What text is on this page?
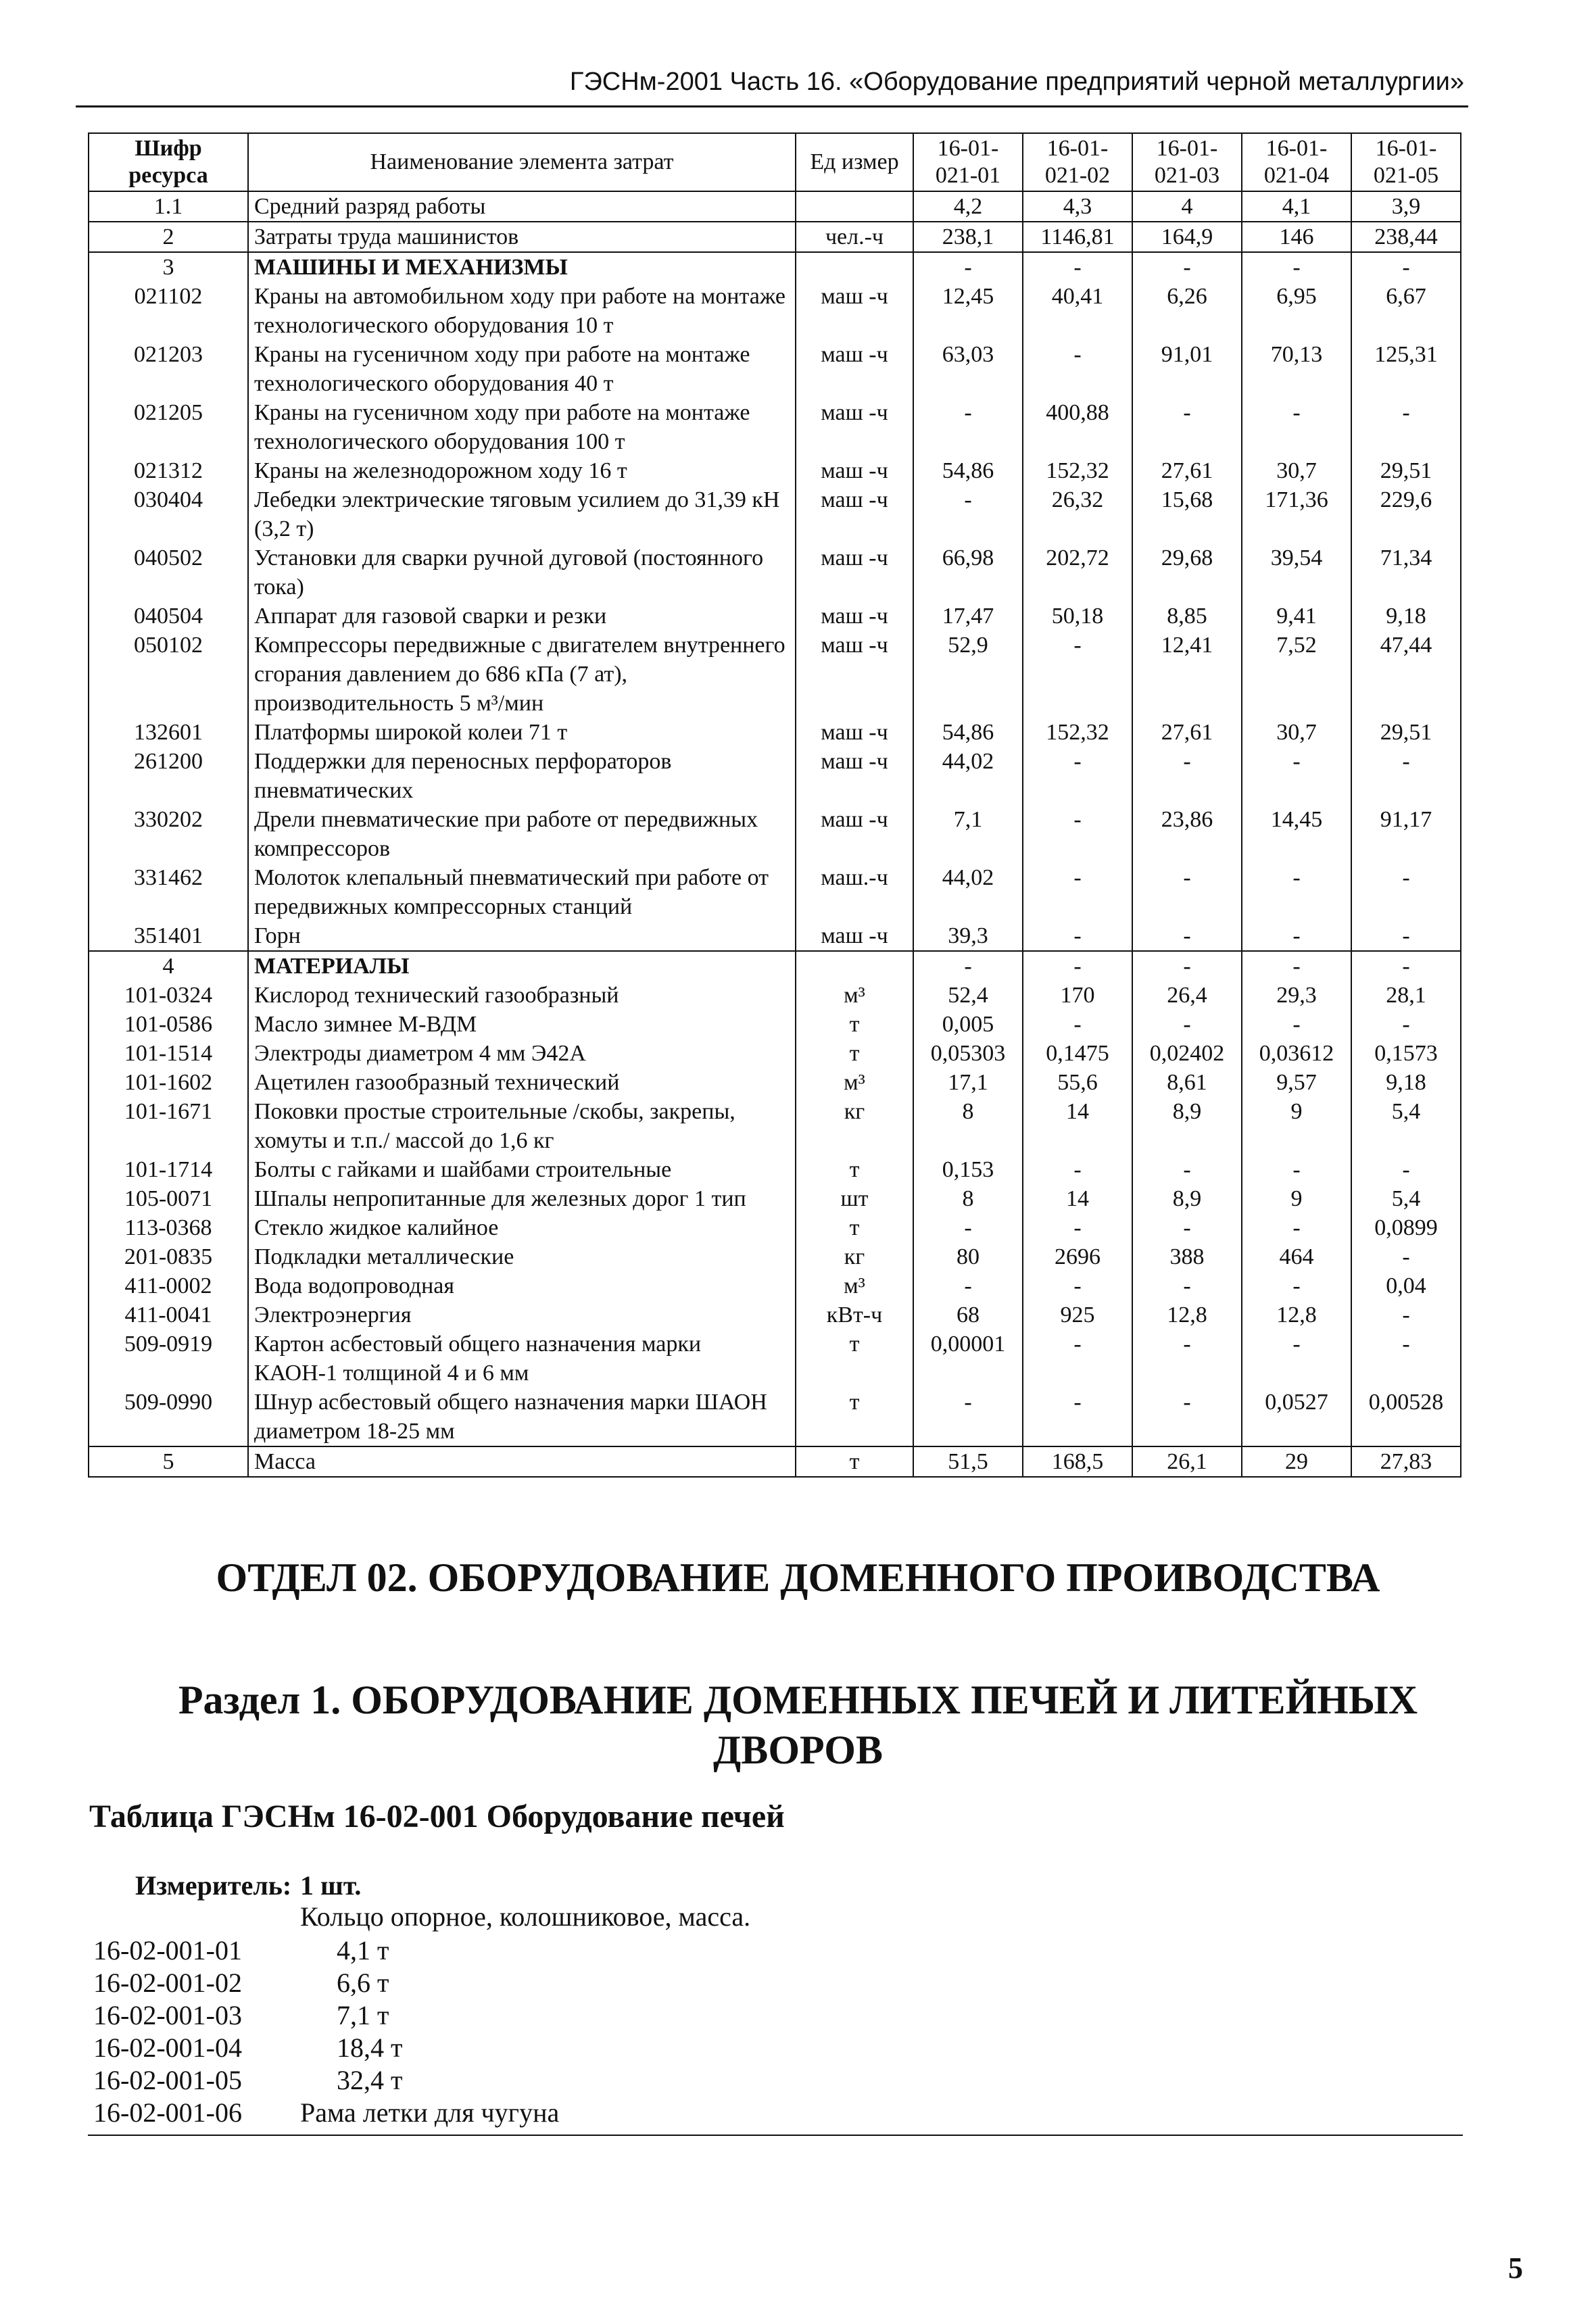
ГЭСНм-2001 Часть 16. «Оборудование предприятий черной металлургии»
Шифр ресурса	Наименование элемента затрат	Ед измер	16-01-021-01	16-01-021-02	16-01-021-03	16-01-021-04	16-01-021-05
1.1	Средний разряд работы		4,2	4,3	4	4,1	3,9
2	Затраты труда машинистов	чел.-ч	238,1	1146,81	164,9	146	238,44
3	МАШИНЫ И МЕХАНИЗМЫ		-	-	-	-	-
021102	Краны на автомобильном ходу при работе на монтаже технологического оборудования 10 т	маш -ч	12,45	40,41	6,26	6,95	6,67
021203	Краны на гусеничном ходу при работе на монтаже технологического оборудования 40 т	маш -ч	63,03	-	91,01	70,13	125,31
021205	Краны на гусеничном ходу при работе на монтаже технологического оборудования 100 т	маш -ч	-	400,88	-	-	-
021312	Краны на железнодорожном ходу 16 т	маш -ч	54,86	152,32	27,61	30,7	29,51
030404	Лебедки электрические тяговым усилием до 31,39 кН (3,2 т)	маш -ч	-	26,32	15,68	171,36	229,6
040502	Установки для сварки ручной дуговой (постоянного тока)	маш -ч	66,98	202,72	29,68	39,54	71,34
040504	Аппарат для газовой сварки и резки	маш -ч	17,47	50,18	8,85	9,41	9,18
050102	Компрессоры передвижные с двигателем внутреннего сгорания давлением до 686 кПа (7 ат), производительность 5 м³/мин	маш -ч	52,9	-	12,41	7,52	47,44
132601	Платформы широкой колеи 71 т	маш -ч	54,86	152,32	27,61	30,7	29,51
261200	Поддержки для переносных перфораторов пневматических	маш -ч	44,02	-	-	-	-
330202	Дрели пневматические при работе от передвижных компрессоров	маш -ч	7,1	-	23,86	14,45	91,17
331462	Молоток клепальный пневматический при работе от передвижных компрессорных станций	маш.-ч	44,02	-	-	-	-
351401	Горн	маш -ч	39,3	-	-	-	-
4	МАТЕРИАЛЫ		-	-	-	-	-
101-0324	Кислород технический газообразный	м³	52,4	170	26,4	29,3	28,1
101-0586	Масло зимнее М-ВДМ	т	0,005	-	-	-	-
101-1514	Электроды диаметром 4 мм Э42А	т	0,05303	0,1475	0,02402	0,03612	0,1573
101-1602	Ацетилен газообразный технический	м³	17,1	55,6	8,61	9,57	9,18
101-1671	Поковки простые строительные /скобы, закрепы, хомуты и т.п./ массой до 1,6 кг	кг	8	14	8,9	9	5,4
101-1714	Болты с гайками и шайбами строительные	т	0,153	-	-	-	-
105-0071	Шпалы непропитанные для железных дорог 1 тип	шт	8	14	8,9	9	5,4
113-0368	Стекло жидкое калийное	т	-	-	-	-	0,0899
201-0835	Подкладки металлические	кг	80	2696	388	464	-
411-0002	Вода водопроводная	м³	-	-	-	-	0,04
411-0041	Электроэнергия	кВт-ч	68	925	12,8	12,8	-
509-0919	Картон асбестовый общего назначения марки КАОН-1 толщиной 4 и 6 мм	т	0,00001	-	-	-	-
509-0990	Шнур асбестовый общего назначения марки ШАОН диаметром 18-25 мм	т	-	-	-	0,0527	0,00528
5	Масса	т	51,5	168,5	26,1	29	27,83
ОТДЕЛ 02. ОБОРУДОВАНИЕ ДОМЕННОГО ПРОИВОДСТВА
Раздел 1. ОБОРУДОВАНИЕ ДОМЕННЫХ ПЕЧЕЙ И ЛИТЕЙНЫХ ДВОРОВ
Таблица ГЭСНм 16-02-001 Оборудование печей
Измеритель: 1 шт.
Кольцо опорное, колошниковое, масса.
16-02-001-01	4,1 т
16-02-001-02	6,6 т
16-02-001-03	7,1 т
16-02-001-04	18,4 т
16-02-001-05	32,4 т
16-02-001-06 Рама летки для чугуна
5
